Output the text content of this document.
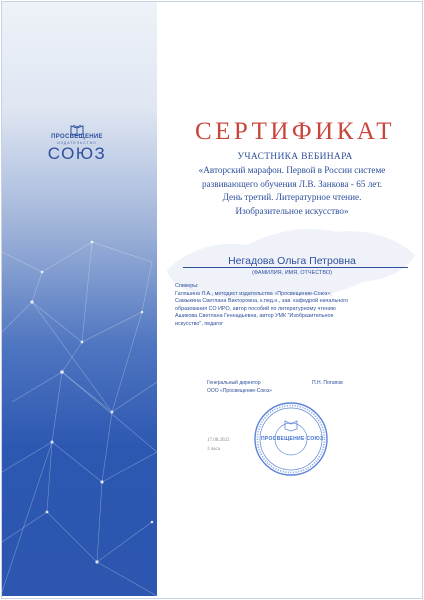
ПРОСВЕЩЕНИЕ
ИЗДАТЕЛЬСТВО
СОЮЗ
СЕРТИФИКАТ
УЧАСТНИКА ВЕБИНАРА
«Авторский марафон. Первой в России системе
развивающего обучения Л.В. Занкова - 65 лет.
День третий. Литературное чтение.
Изобразительное искусство»
Негадова Ольга Петровна
(ФАМИЛИЯ, ИМЯ, ОТЧЕСТВО)
Спикеры:
Галяшина Л.А., методист издательства «Просвещение-Союз»;
Самыкина Светлана Викторовна, к.пед.н., зав. кафедрой начального
образования СО ИРО, автор пособий по литературному чтению
Ашикова Светлана Геннадьевна, автор УМК "Изобразительное
искусство", педагог
Генеральный директор
ООО «Просвещение-Союз»
П.Н. Потапов
17.08.2022
3 часа
ПРОСВЕЩЕНИЕ·СОЮЗ
